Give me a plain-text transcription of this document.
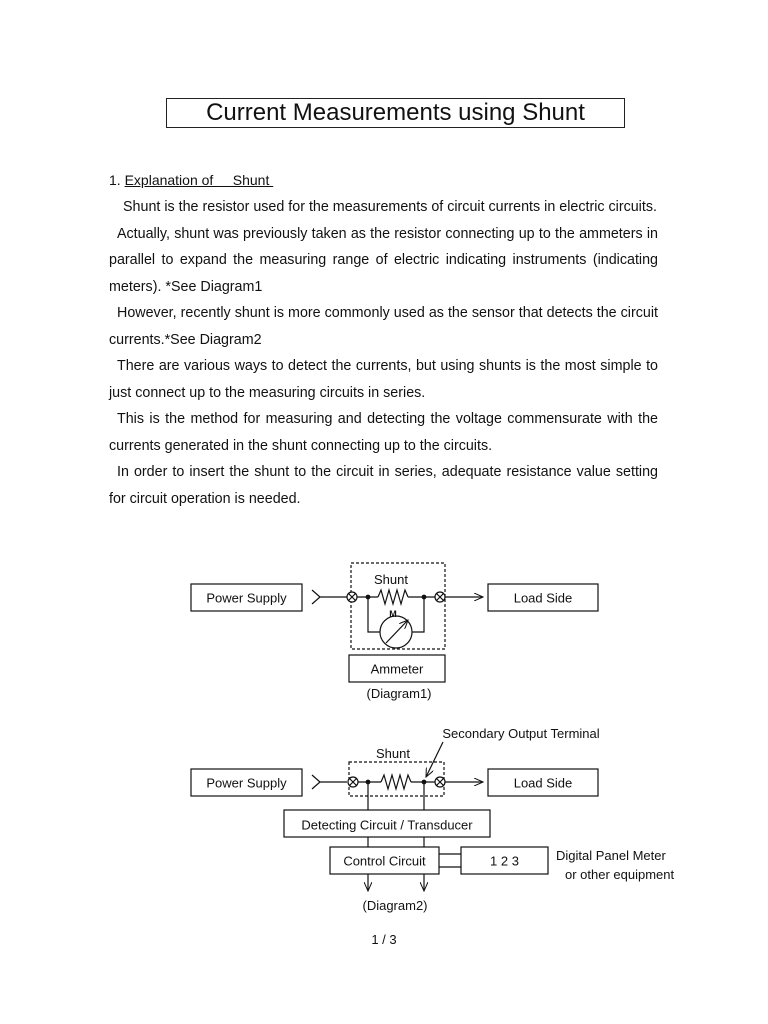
Current Measurements using Shunt
1. Explanation of     Shunt

Shunt is the resistor used for the measurements of circuit currents in electric circuits.

Actually, shunt was previously taken as the resistor connecting up to the ammeters in parallel to expand the measuring range of electric indicating instruments (indicating meters). *See Diagram1

However, recently shunt is more commonly used as the sensor that detects the circuit currents.*See Diagram2

There are various ways to detect the currents, but using shunts is the most simple to just connect up to the measuring circuits in series.

This is the method for measuring and detecting the voltage commensurate with the currents generated in the shunt connecting up to the circuits.

In order to insert the shunt to the circuit in series, adequate resistance value setting for circuit operation is needed.

Power Supply
Shunt
Load Side
M
Ammeter
(Diagram1)
Secondary Output Terminal
Shunt
Power Supply	Load Side
Detecting Circuit / Transducer
Control Circuit	1 2 3	Digital Panel Meter
or other equipment
(Diagram2)
1 / 3
